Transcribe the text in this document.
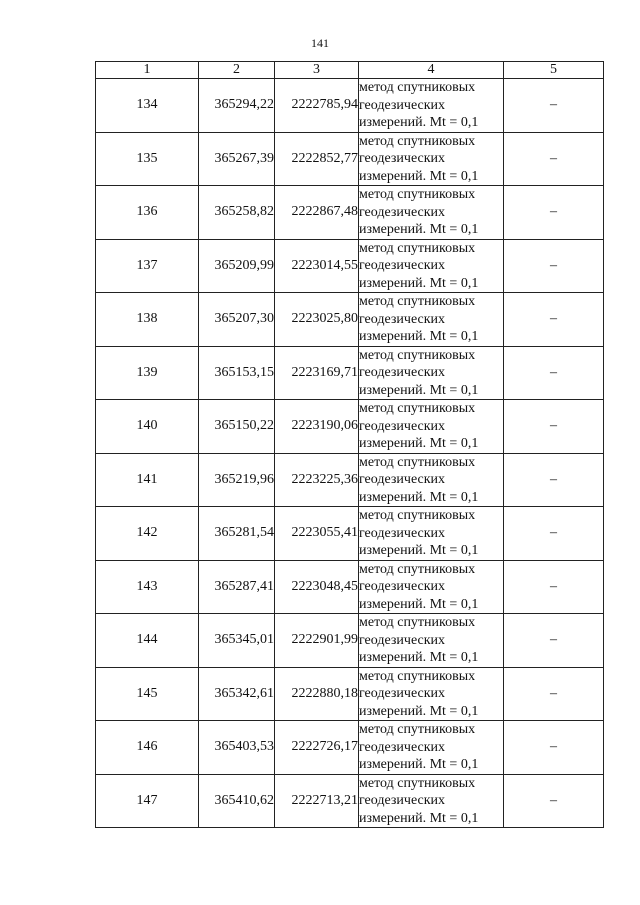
141
1	2	3	4	5
134	365294,22	2222785,94	метод спутниковых
геодезических
измерений. Mt = 0,1	–
135	365267,39	2222852,77	метод спутниковых
геодезических
измерений. Mt = 0,1	–
136	365258,82	2222867,48	метод спутниковых
геодезических
измерений. Mt = 0,1	–
137	365209,99	2223014,55	метод спутниковых
геодезических
измерений. Mt = 0,1	–
138	365207,30	2223025,80	метод спутниковых
геодезических
измерений. Mt = 0,1	–
139	365153,15	2223169,71	метод спутниковых
геодезических
измерений. Mt = 0,1	–
140	365150,22	2223190,06	метод спутниковых
геодезических
измерений. Mt = 0,1	–
141	365219,96	2223225,36	метод спутниковых
геодезических
измерений. Mt = 0,1	–
142	365281,54	2223055,41	метод спутниковых
геодезических
измерений. Mt = 0,1	–
143	365287,41	2223048,45	метод спутниковых
геодезических
измерений. Mt = 0,1	–
144	365345,01	2222901,99	метод спутниковых
геодезических
измерений. Mt = 0,1	–
145	365342,61	2222880,18	метод спутниковых
геодезических
измерений. Mt = 0,1	–
146	365403,53	2222726,17	метод спутниковых
геодезических
измерений. Mt = 0,1	–
147	365410,62	2222713,21	метод спутниковых
геодезических
измерений. Mt = 0,1	–
